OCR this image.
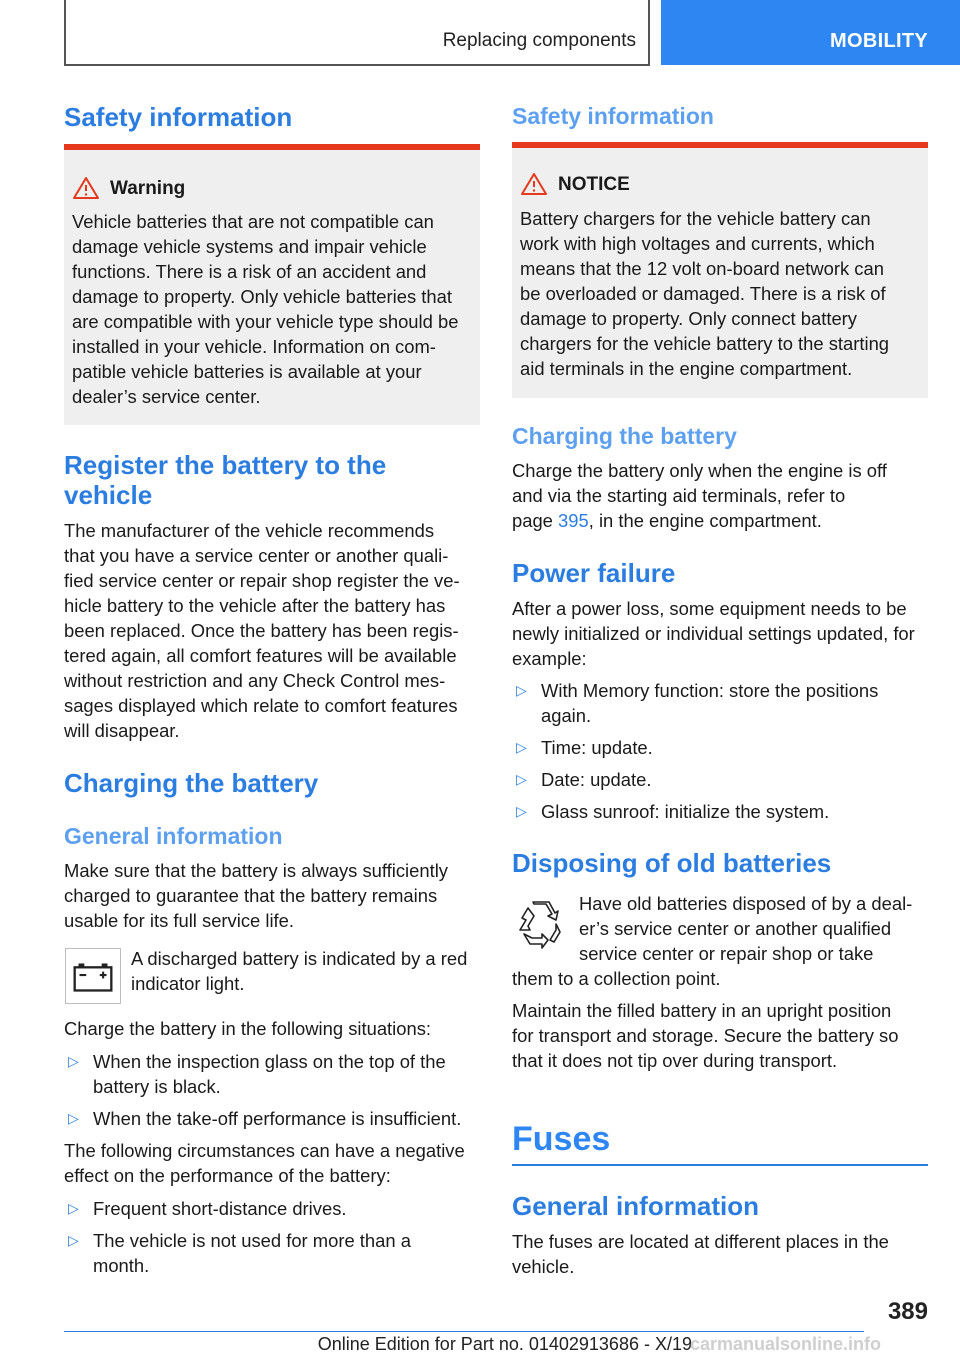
Replacing components	MOBILITY
Safety information
Warning
Vehicle batteries that are not compatible can
damage vehicle systems and impair vehicle
functions. There is a risk of an accident and
damage to property. Only vehicle batteries that
are compatible with your vehicle type should be
installed in your vehicle. Information on com‐
patible vehicle batteries is available at your
dealer’s service center.
Register the battery to the
vehicle
The manufacturer of the vehicle recommends
that you have a service center or another quali‐
fied service center or repair shop register the ve‐
hicle battery to the vehicle after the battery has
been replaced. Once the battery has been regis‐
tered again, all comfort features will be available
without restriction and any Check Control mes‐
sages displayed which relate to comfort features
will disappear.
Charging the battery
General information
Make sure that the battery is always sufficiently
charged to guarantee that the battery remains
usable for its full service life.
A discharged battery is indicated by a red
indicator light.
Charge the battery in the following situations:
▷ When the inspection glass on the top of the
battery is black.
▷ When the take-off performance is insufficient.
The following circumstances can have a negative
effect on the performance of the battery:
▷ Frequent short-distance drives.
▷ The vehicle is not used for more than a
month.
Safety information
NOTICE
Battery chargers for the vehicle battery can
work with high voltages and currents, which
means that the 12 volt on-board network can
be overloaded or damaged. There is a risk of
damage to property. Only connect battery
chargers for the vehicle battery to the starting
aid terminals in the engine compartment.
Charging the battery
Charge the battery only when the engine is off
and via the starting aid terminals, refer to
page 395, in the engine compartment.
Power failure
After a power loss, some equipment needs to be
newly initialized or individual settings updated, for
example:
▷ With Memory function: store the positions
again.
▷ Time: update.
▷ Date: update.
▷ Glass sunroof: initialize the system.
Disposing of old batteries
Have old batteries disposed of by a deal‐
er’s service center or another qualified
service center or repair shop or take
them to a collection point.
Maintain the filled battery in an upright position
for transport and storage. Secure the battery so
that it does not tip over during transport.
Fuses
General information
The fuses are located at different places in the
vehicle.
389
Online Edition for Part no. 01402913686 - X/19
carmanualsonline.info
